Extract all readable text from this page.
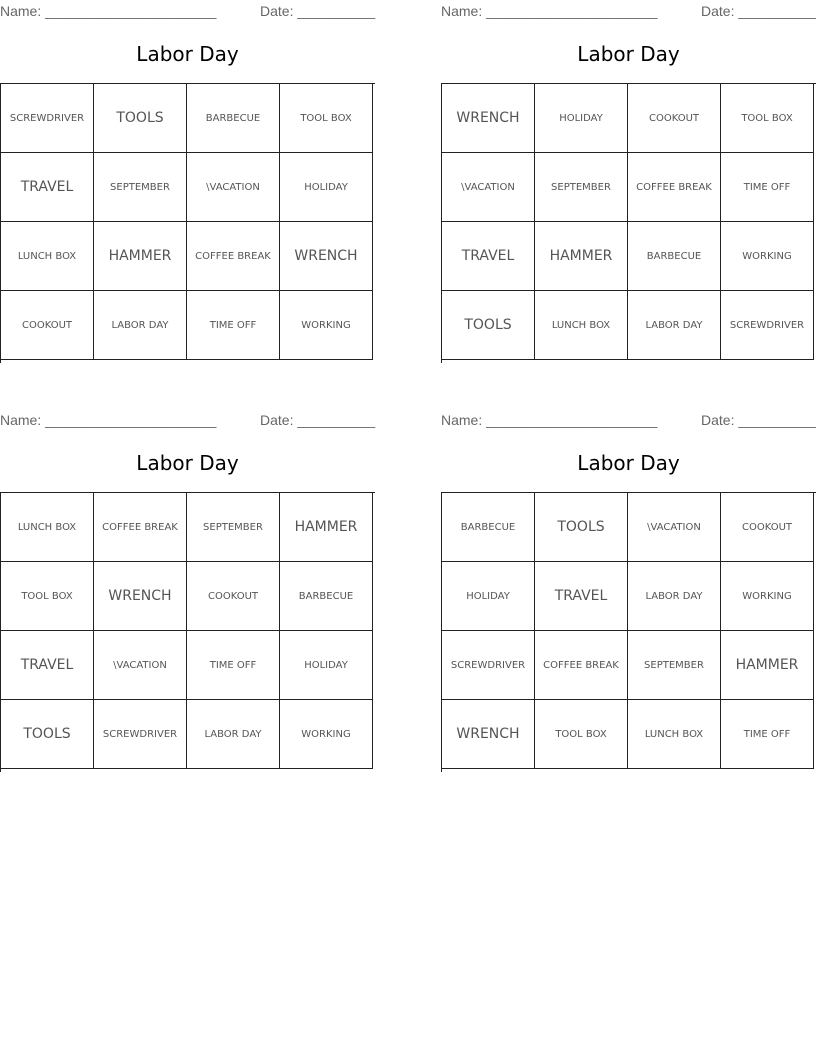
Name: ______________________	Date: __________
Labor Day
SCREWDRIVER	TOOLS	BARBECUE	TOOL BOX
TRAVEL	SEPTEMBER	\VACATION	HOLIDAY
LUNCH BOX	HAMMER	COFFEE BREAK	WRENCH
COOKOUT	LABOR DAY	TIME OFF	WORKING
Name: ______________________	Date: __________
Labor Day
WRENCH	HOLIDAY	COOKOUT	TOOL BOX
\VACATION	SEPTEMBER	COFFEE BREAK	TIME OFF
TRAVEL	HAMMER	BARBECUE	WORKING
TOOLS	LUNCH BOX	LABOR DAY	SCREWDRIVER
Name: ______________________	Date: __________
Labor Day
LUNCH BOX	COFFEE BREAK	SEPTEMBER	HAMMER
TOOL BOX	WRENCH	COOKOUT	BARBECUE
TRAVEL	\VACATION	TIME OFF	HOLIDAY
TOOLS	SCREWDRIVER	LABOR DAY	WORKING
Name: ______________________	Date: __________
Labor Day
BARBECUE	TOOLS	\VACATION	COOKOUT
HOLIDAY	TRAVEL	LABOR DAY	WORKING
SCREWDRIVER	COFFEE BREAK	SEPTEMBER	HAMMER
WRENCH	TOOL BOX	LUNCH BOX	TIME OFF
